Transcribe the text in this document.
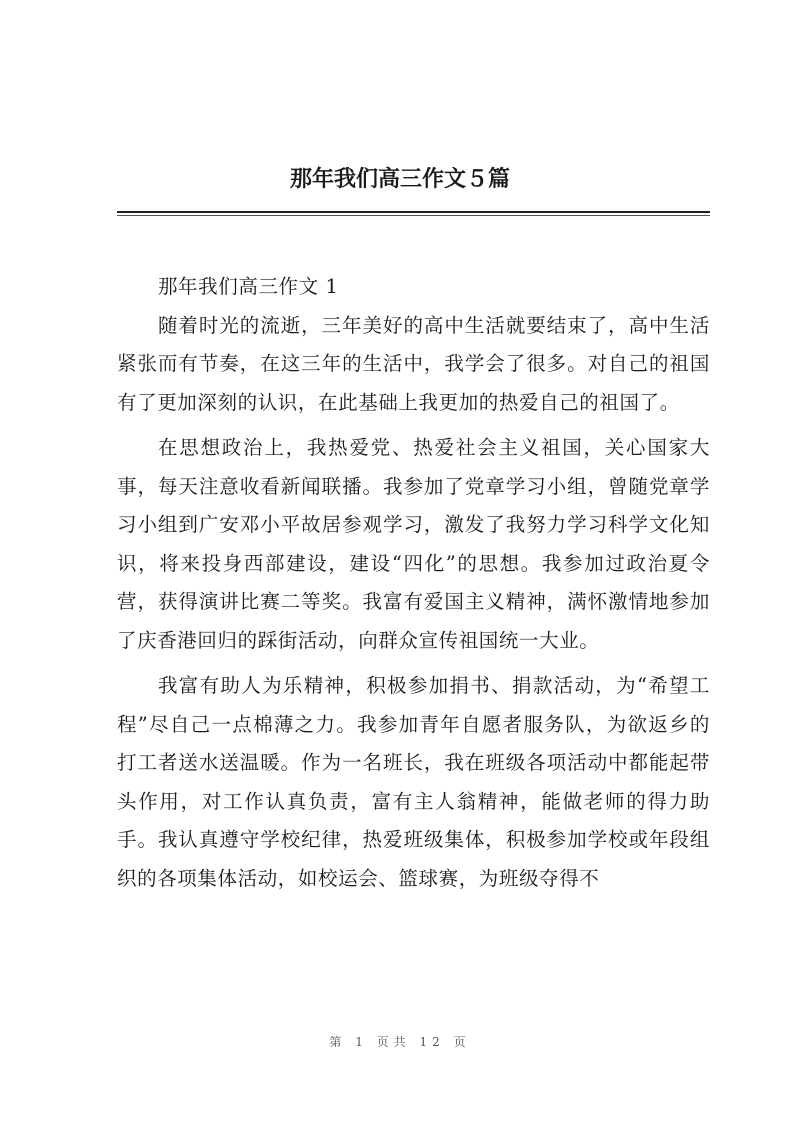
那年我们高三作文５篇

那年我们高三作文 1

随着时光的流逝，三年美好的高中生活就要结束了，高中生活紧张而有节奏，在这三年的生活中，我学会了很多。对自己的祖国有了更加深刻的认识，在此基础上我更加的热爱自己的祖国了。

在思想政治上，我热爱党、热爱社会主义祖国，关心国家大事，每天注意收看新闻联播。我参加了党章学习小组，曾随党章学习小组到广安邓小平故居参观学习，激发了我努力学习科学文化知识，将来投身西部建设，建设“四化”的思想。我参加过政治夏令营，获得演讲比赛二等奖。我富有爱国主义精神，满怀激情地参加了庆香港回归的踩街活动，向群众宣传祖国统一大业。

我富有助人为乐精神，积极参加捐书、捐款活动，为“希望工程”尽自己一点棉薄之力。我参加青年自愿者服务队，为欲返乡的打工者送水送温暖。作为一名班长，我在班级各项活动中都能起带头作用，对工作认真负责，富有主人翁精神，能做老师的得力助手。我认真遵守学校纪律，热爱班级集体，积极参加学校或年段组织的各项集体活动，如校运会、篮球赛，为班级夺得不

第 1 页共 12 页
